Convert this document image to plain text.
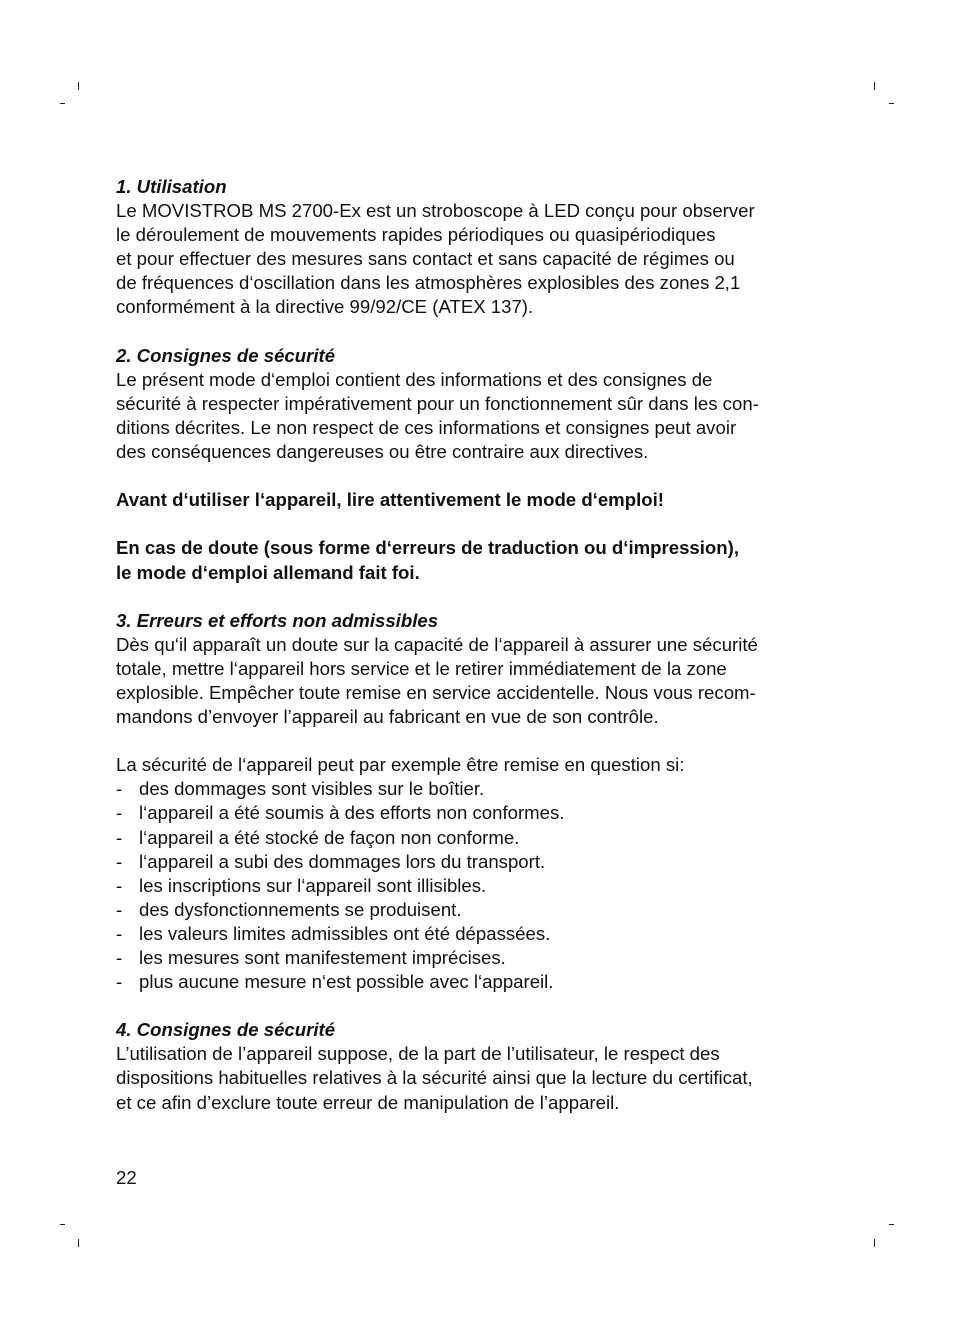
1. Utilisation

Le MOVISTROB MS 2700-Ex est un stroboscope à LED conçu pour observer

le déroulement de mouvements rapides périodiques ou quasipériodiques

et pour effectuer des mesures sans contact et sans capacité de régimes ou

de fréquences d‘oscillation dans les atmosphères explosibles des zones 2,1

conformément à la directive 99/92/CE (ATEX 137).

2. Consignes de sécurité

Le présent mode d‘emploi contient des informations et des consignes de

sécurité à respecter impérativement pour un fonctionnement sûr dans les con-

ditions décrites. Le non respect de ces informations et consignes peut avoir

des conséquences dangereuses ou être contraire aux directives.

Avant d‘utiliser l‘appareil, lire attentivement le mode d‘emploi!

En cas de doute (sous forme d‘erreurs de traduction ou d‘impression),

le mode d‘emploi allemand fait foi.

3. Erreurs et efforts non admissibles

Dès qu‘il apparaît un doute sur la capacité de l‘appareil à assurer une sécurité

totale, mettre l‘appareil hors service et le retirer immédiatement de la zone

explosible. Empêcher toute remise en service accidentelle. Nous vous recom-

mandons d’envoyer l’appareil au fabricant en vue de son contrôle.

La sécurité de l‘appareil peut par exemple être remise en question si:

- des dommages sont visibles sur le boîtier.
- l‘appareil a été soumis à des efforts non conformes.
- l‘appareil a été stocké de façon non conforme.
- l‘appareil a subi des dommages lors du transport.
- les inscriptions sur l‘appareil sont illisibles.
- des dysfonctionnements se produisent.
- les valeurs limites admissibles ont été dépassées.
- les mesures sont manifestement imprécises.
- plus aucune mesure n‘est possible avec l‘appareil.

4. Consignes de sécurité

L’utilisation de l’appareil suppose, de la part de l’utilisateur, le respect des

dispositions habituelles relatives à la sécurité ainsi que la lecture du certificat,

et ce afin d’exclure toute erreur de manipulation de l’appareil.

22
